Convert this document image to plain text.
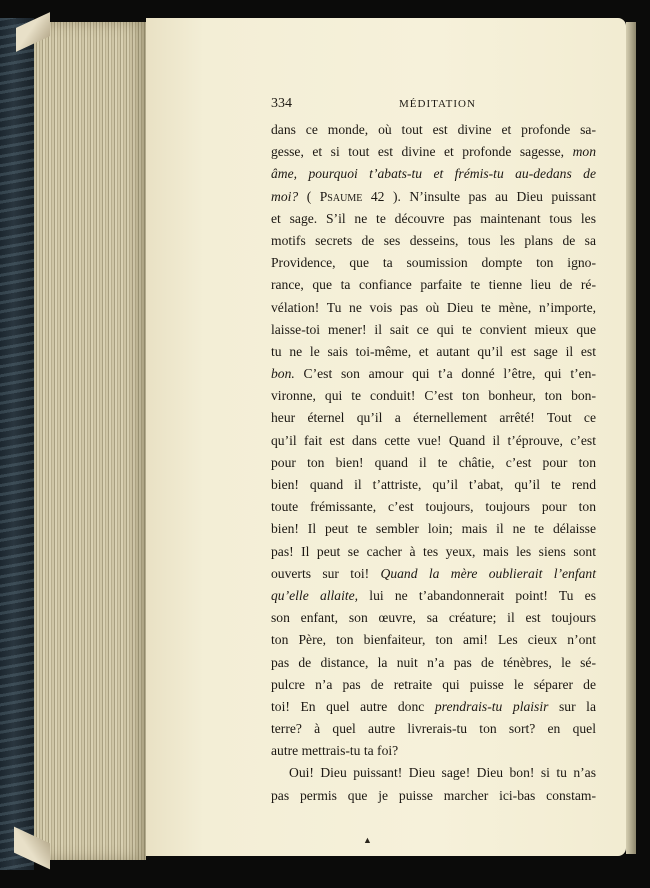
334	MÉDITATION
dans ce monde, où tout est divine et profonde sa-
gesse, et si tout est divine et profonde sagesse, mon
âme, pourquoi t’abats-tu et frémis-tu au-dedans de
moi? ( Psaume 42 ). N’insulte pas au Dieu puissant
et sage. S’il ne te découvre pas maintenant tous les
motifs secrets de ses desseins, tous les plans de sa
Providence, que ta soumission dompte ton igno-
rance, que ta confiance parfaite te tienne lieu de ré-
vélation! Tu ne vois pas où Dieu te mène, n’importe,
laisse-toi mener! il sait ce qui te convient mieux que
tu ne le sais toi-même, et autant qu’il est sage il est
bon. C’est son amour qui t’a donné l’être, qui t’en-
vironne, qui te conduit! C’est ton bonheur, ton bon-
heur éternel qu’il a éternellement arrêté! Tout ce
qu’il fait est dans cette vue! Quand il t’éprouve, c’est
pour ton bien! quand il te châtie, c’est pour ton
bien! quand il t’attriste, qu’il t’abat, qu’il te rend
toute frémissante, c’est toujours, toujours pour ton
bien! Il peut te sembler loin; mais il ne te délaisse
pas! Il peut se cacher à tes yeux, mais les siens sont
ouverts sur toi! Quand la mère oublierait l’enfant
qu’elle allaite, lui ne t’abandonnerait point! Tu es
son enfant, son œuvre, sa créature; il est toujours
ton Père, ton bienfaiteur, ton ami! Les cieux n’ont
pas de distance, la nuit n’a pas de ténèbres, le sé-
pulcre n’a pas de retraite qui puisse le séparer de
toi! En quel autre donc prendrais-tu plaisir sur la
terre? à quel autre livrerais-tu ton sort? en quel
autre mettrais-tu ta foi?
Oui! Dieu puissant! Dieu sage! Dieu bon! si tu n’as
pas permis que je puisse marcher ici-bas constam-
▲
